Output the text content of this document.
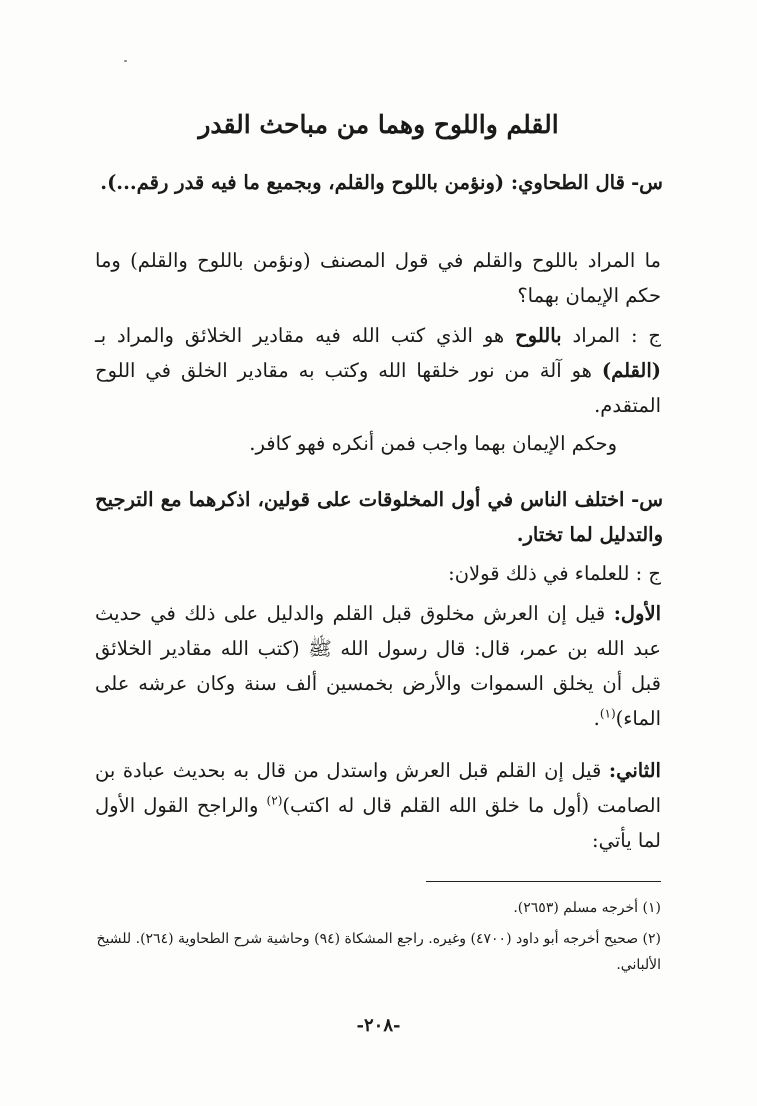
القلم واللوح وهما من مباحث القدر

س- قال الطحاوي: (ونؤمن باللوح والقلم، وبجميع ما فيه قدر رقم...).

ما المراد باللوح والقلم في قول المصنف (ونؤمن باللوح والقلم) وما حكم الإيمان بهما؟

ج : المراد باللوح هو الذي كتب الله فيه مقادير الخلائق والمراد بـ (القلم) هو آلة من نور خلقها الله وكتب به مقادير الخلق في اللوح المتقدم.

وحكم الإيمان بهما واجب فمن أنكره فهو كافر.

س- اختلف الناس في أول المخلوقات على قولين، اذكرهما مع الترجيح والتدليل لما تختار.

ج : للعلماء في ذلك قولان:

الأول: قيل إن العرش مخلوق قبل القلم والدليل على ذلك في حديث عبد الله بن عمر، قال: قال رسول الله ﷺ (كتب الله مقادير الخلائق قبل أن يخلق السموات والأرض بخمسين ألف سنة وكان عرشه على الماء)$^{(١)}$.

الثاني: قيل إن القلم قبل العرش واستدل من قال به بحديث عبادة بن الصامت (أول ما خلق الله القلم قال له اكتب)$^{(٢)}$ والراجح القول الأول لما يأتي:

(١) أخرجه مسلم (٢٦٥٣).

(٢) صحيح أخرجه أبو داود (٤٧٠٠) وغيره. راجع المشكاة (٩٤) وحاشية شرح الطحاوية (٢٦٤). للشيخ الألباني.

-٢٠٨-
